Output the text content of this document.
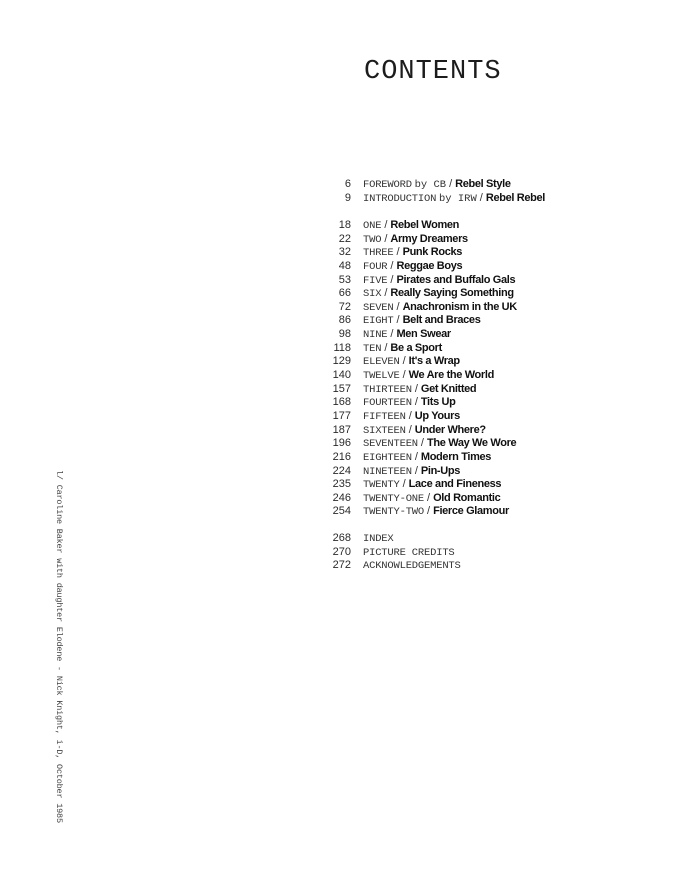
CONTENTS
6 FOREWORD by CB / Rebel Style
9 INTRODUCTION by IRW / Rebel Rebel
18 ONE / Rebel Women
22 TWO / Army Dreamers
32 THREE / Punk Rocks
48 FOUR / Reggae Boys
53 FIVE / Pirates and Buffalo Gals
66 SIX / Really Saying Something
72 SEVEN / Anachronism in the UK
86 EIGHT / Belt and Braces
98 NINE / Men Swear
118 TEN / Be a Sport
129 ELEVEN / It's a Wrap
140 TWELVE / We Are the World
157 THIRTEEN / Get Knitted
168 FOURTEEN / Tits Up
177 FIFTEEN / Up Yours
187 SIXTEEN / Under Where?
196 SEVENTEEN / The Way We Wore
216 EIGHTEEN / Modern Times
224 NINETEEN / Pin-Ups
235 TWENTY / Lace and Fineness
246 TWENTY-ONE / Old Romantic
254 TWENTY-TWO / Fierce Glamour
268 INDEX
270 PICTURE CREDITS
272 ACKNOWLEDGEMENTS
l/ Caroline Baker with daughter Elodene - Nick Knight, i-D, October 1985
